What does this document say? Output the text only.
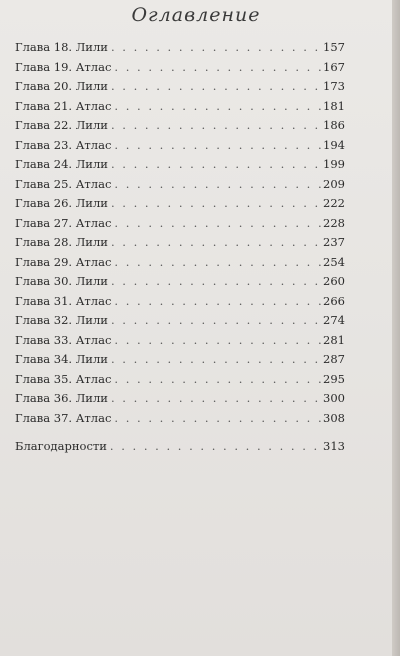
Оглавление
Глава 18. Лили . . .	157
Глава 19. Атлас . . .	167
Глава 20. Лили . . .	173
Глава 21. Атлас . . .	181
Глава 22. Лили . . .	186
Глава 23. Атлас . . .	194
Глава 24. Лили . . .	199
Глава 25. Атлас . . .	209
Глава 26. Лили . . .	222
Глава 27. Атлас . . .	228
Глава 28. Лили . . .	237
Глава 29. Атлас . . .	254
Глава 30. Лили . . .	260
Глава 31. Атлас . . .	266
Глава 32. Лили . . .	274
Глава 33. Атлас . . .	281
Глава 34. Лили . . .	287
Глава 35. Атлас . . .	295
Глава 36. Лили . . .	300
Глава 37. Атлас . . .	308
Благодарности . . .	313
